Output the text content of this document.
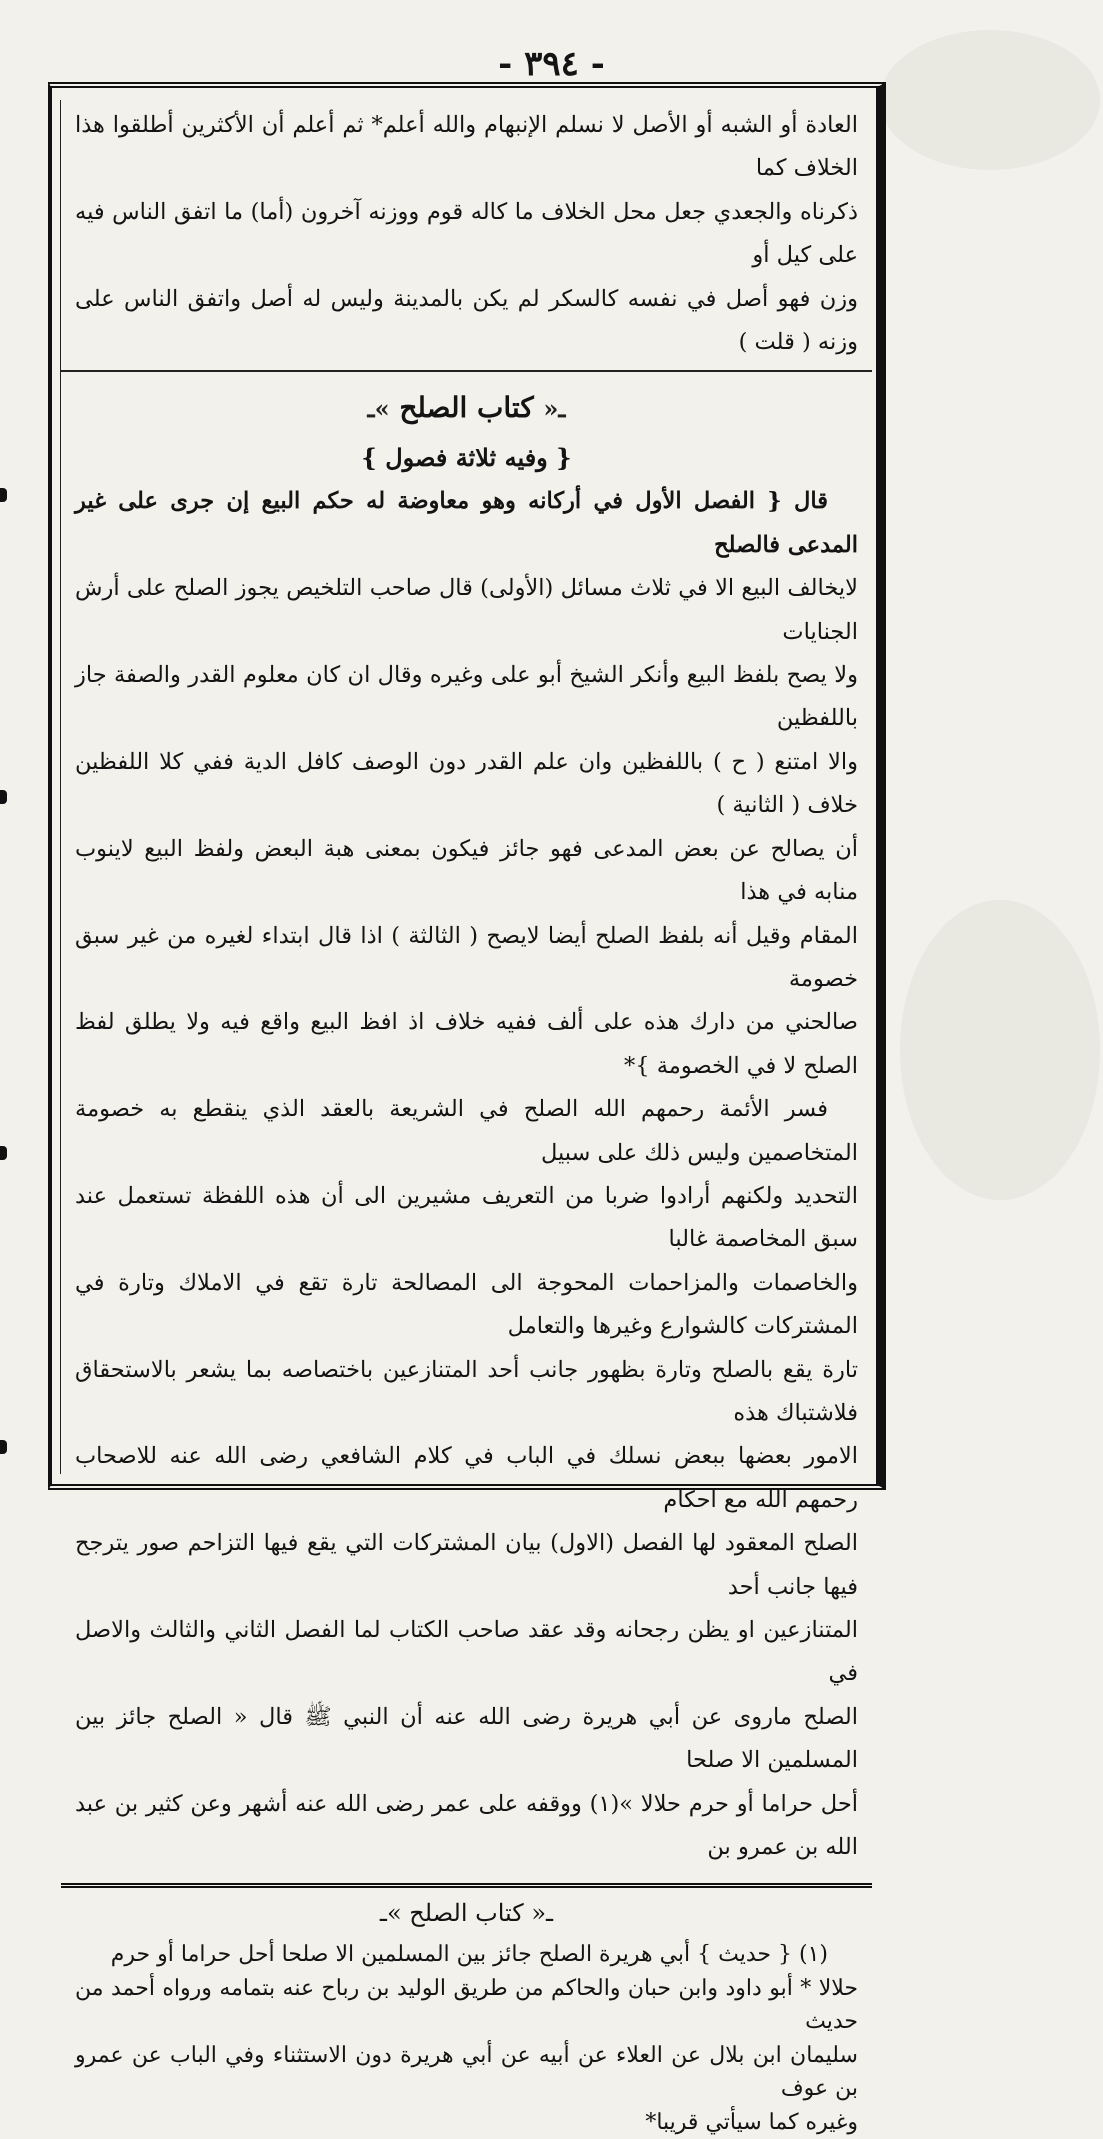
- ٣٩٤ -
العادة أو الشبه أو الأصل لا نسلم الإنبهام والله أعلم* ثم أعلم أن الأكثرين أطلقوا هذا الخلاف كما
ذكرناه والجعدي جعل محل الخلاف ما كاله قوم ووزنه آخرون (أما) ما اتفق الناس فيه على كيل أو
وزن فهو أصل في نفسه كالسكر لم يكن بالمدينة وليس له أصل واتفق الناس على وزنه ( قلت )
ـ« كتاب الصلح »ـ
{ وفيه ثلاثة فصول }
قال { الفصل الأول في أركانه وهو معاوضة له حكم البيع إن جرى على غير المدعى فالصلح
لايخالف البيع الا في ثلاث مسائل (الأولى) قال صاحب التلخيص يجوز الصلح على أرش الجنايات
ولا يصح بلفظ البيع وأنكر الشيخ أبو على وغيره وقال ان كان معلوم القدر والصفة جاز باللفظين
والا امتنع ( ح ) باللفظين وان علم القدر دون الوصف كافل الدية ففي كلا اللفظين خلاف ( الثانية )
أن يصالح عن بعض المدعى فهو جائز فيكون بمعنى هبة البعض ولفظ البيع لاينوب منابه في هذا
المقام وقيل أنه بلفظ الصلح أيضا لايصح ( الثالثة ) اذا قال ابتداء لغيره من غير سبق خصومة
صالحني من دارك هذه على ألف ففيه خلاف اذ افظ البيع واقع فيه ولا يطلق لفظ الصلح لا في الخصومة }*
فسر الأئمة رحمهم الله الصلح في الشريعة بالعقد الذي ينقطع به خصومة المتخاصمين وليس ذلك على سبيل
التحديد ولكنهم أرادوا ضربا من التعريف مشيرين الى أن هذه اللفظة تستعمل عند سبق المخاصمة غالبا
والخاصمات والمزاحمات المحوجة الى المصالحة تارة تقع في الاملاك وتارة في المشتركات كالشوارع وغيرها والتعامل
تارة يقع بالصلح وتارة بظهور جانب أحد المتنازعين باختصاصه بما يشعر بالاستحقاق فلاشتباك هذه
الامور بعضها ببعض نسلك في الباب في كلام الشافعي رضى الله عنه للاصحاب رحمهم الله مع احكام
الصلح المعقود لها الفصل (الاول) بيان المشتركات التي يقع فيها التزاحم صور يترجح فيها جانب أحد
المتنازعين او يظن رجحانه وقد عقد صاحب الكتاب لما الفصل الثاني والثالث والاصل في
الصلح ماروى عن أبي هريرة رضى الله عنه أن النبي ﷺ قال « الصلح جائز بين المسلمين الا صلحا
أحل حراما أو حرم حلالا »(١) ووقفه على عمر رضى الله عنه أشهر وعن كثير بن عبد الله بن عمرو بن
ـ« كتاب الصلح »ـ
(١) { حديث } أبي هريرة الصلح جائز بين المسلمين الا صلحا أحل حراما أو حرم
حلالا * أبو داود وابن حبان والحاكم من طريق الوليد بن رباح عنه بتمامه ورواه أحمد من حديث
سليمان ابن بلال عن العلاء عن أبيه عن أبي هريرة دون الاستثناء وفي الباب عن عمرو بن عوف
وغيره كما سيأتي قريبا*
